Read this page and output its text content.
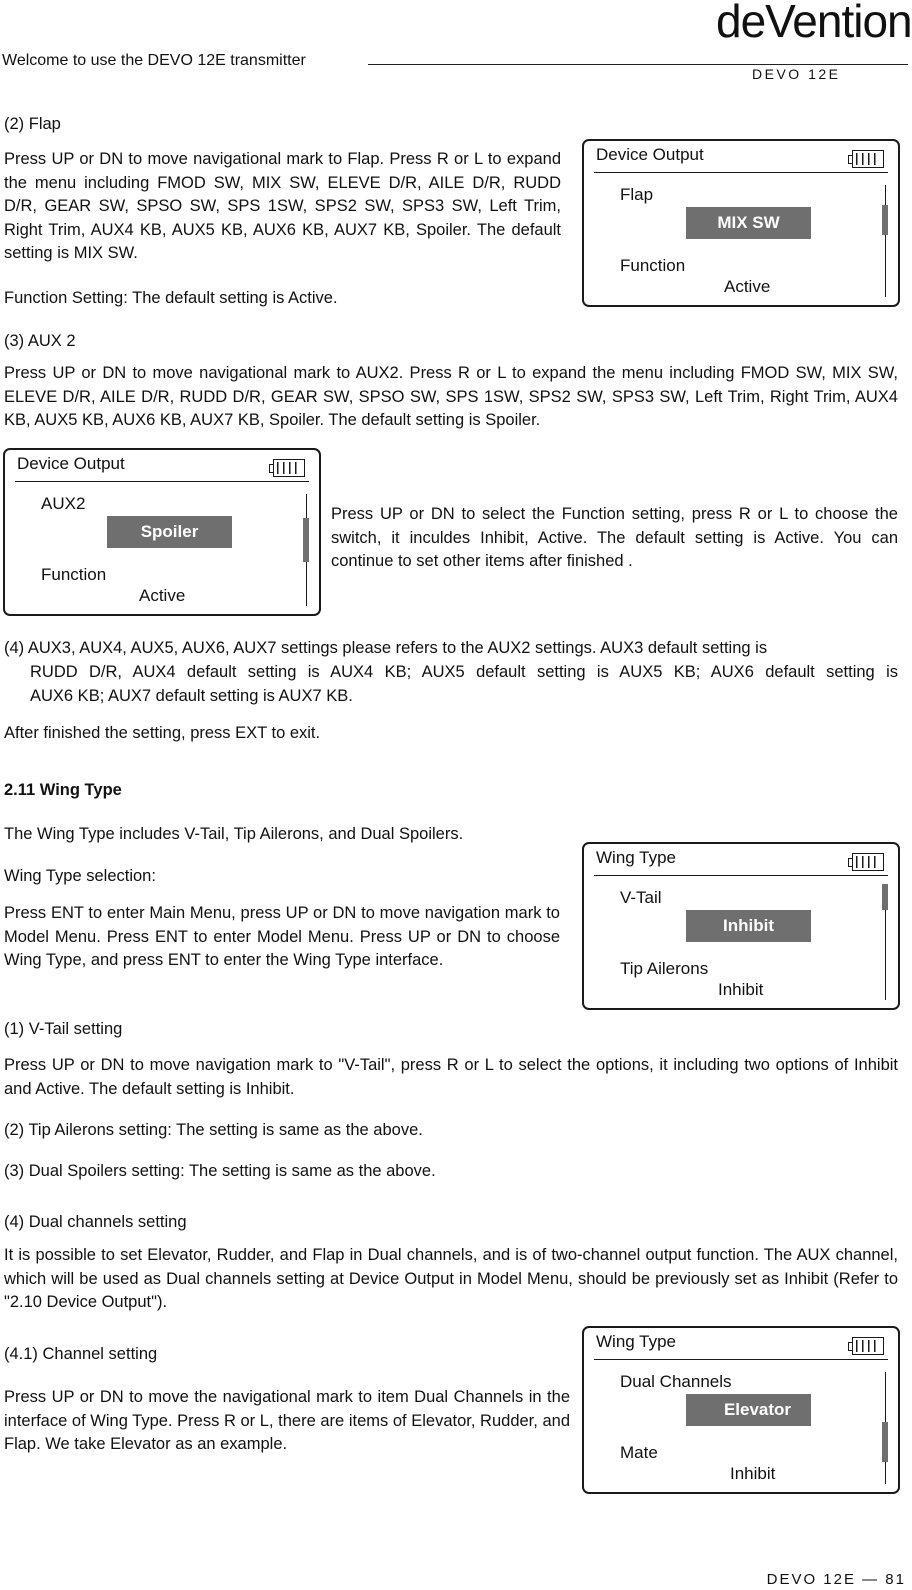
Welcome to use the DEVO 12E transmitter
deVention
DEVO 12E
(2) Flap
Press UP or DN to move navigational mark to Flap. Press R or L to expand the menu including FMOD SW, MIX SW, ELEVE D/R, AILE D/R, RUDD D/R, GEAR SW, SPSO SW, SPS 1SW, SPS2 SW, SPS3 SW, Left Trim, Right Trim, AUX4 KB, AUX5 KB, AUX6 KB, AUX7 KB, Spoiler. The default setting is MIX SW.
Function Setting: The default setting is Active.
Device Output
Flap
MIX SW
Function
Active
(3) AUX 2
Press UP or DN to move navigational mark to AUX2. Press R or L to expand the menu including FMOD SW, MIX SW, ELEVE D/R, AILE D/R, RUDD D/R, GEAR SW, SPSO SW, SPS 1SW, SPS2 SW, SPS3 SW, Left Trim, Right Trim, AUX4 KB, AUX5 KB, AUX6 KB, AUX7 KB, Spoiler. The default setting is Spoiler.
Device Output
AUX2
Spoiler
Function
Active
Press UP or DN to select the Function setting, press R or L to choose the switch, it inculdes Inhibit, Active. The default setting is Active. You can continue to set other items after finished .
(4) AUX3, AUX4, AUX5, AUX6, AUX7 settings please refers to the AUX2 settings. AUX3 default setting is
RUDD D/R, AUX4 default setting is AUX4 KB; AUX5 default setting is AUX5 KB; AUX6 default setting is
AUX6 KB; AUX7 default setting is AUX7 KB.
After finished the setting, press EXT to exit.
2.11 Wing Type
The Wing Type includes V-Tail, Tip Ailerons, and Dual Spoilers.
Wing Type selection:
Press ENT to enter Main Menu, press UP or DN to move navigation mark to Model Menu. Press ENT to enter Model Menu. Press UP or DN to choose Wing Type, and press ENT to enter the Wing Type interface.
Wing Type
V-Tail
Inhibit
Tip Ailerons
Inhibit
(1) V-Tail setting
Press UP or DN to move navigation mark to "V-Tail", press R or L to select the options, it including two options of Inhibit and Active. The default setting is Inhibit.
(2) Tip Ailerons setting: The setting is same as the above.
(3) Dual Spoilers setting: The setting is same as the above.
(4) Dual channels setting
It is possible to set Elevator, Rudder, and Flap in Dual channels, and is of two-channel output function. The AUX channel, which will be used as Dual channels setting at Device Output in Model Menu, should be previously set as Inhibit (Refer to "2.10 Device Output").
(4.1) Channel setting
Press UP or DN to move the navigational mark to item Dual Channels in the interface of Wing Type. Press R or L, there are items of Elevator, Rudder, and Flap. We take Elevator as an example.
Wing Type
Dual Channels
Elevator
Mate
Inhibit
DEVO 12E — 81
